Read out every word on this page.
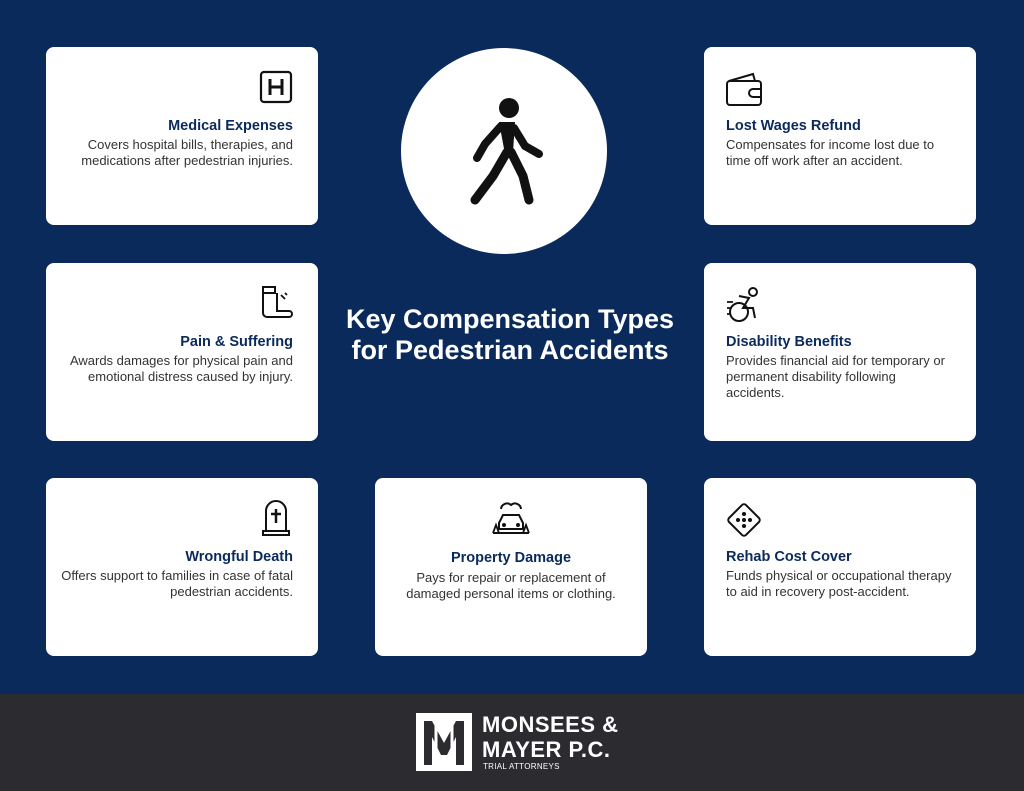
Medical Expenses
Covers hospital bills, therapies, and medications after pedestrian injuries.
Lost Wages Refund
Compensates for income lost due to time off work after an accident.
Pain & Suffering
Awards damages for physical pain and emotional distress caused by injury.
Key Compensation Types for Pedestrian Accidents	Disability Benefits
Provides financial aid for temporary or permanent disability following accidents.
Wrongful Death
Offers support to families in case of fatal pedestrian accidents.
Property Damage
Pays for repair or replacement of damaged personal items or clothing.
Rehab Cost Cover
Funds physical or occupational therapy to aid in recovery post-accident.
MONSEES &
MAYER P.C.
TRIAL ATTORNEYS
